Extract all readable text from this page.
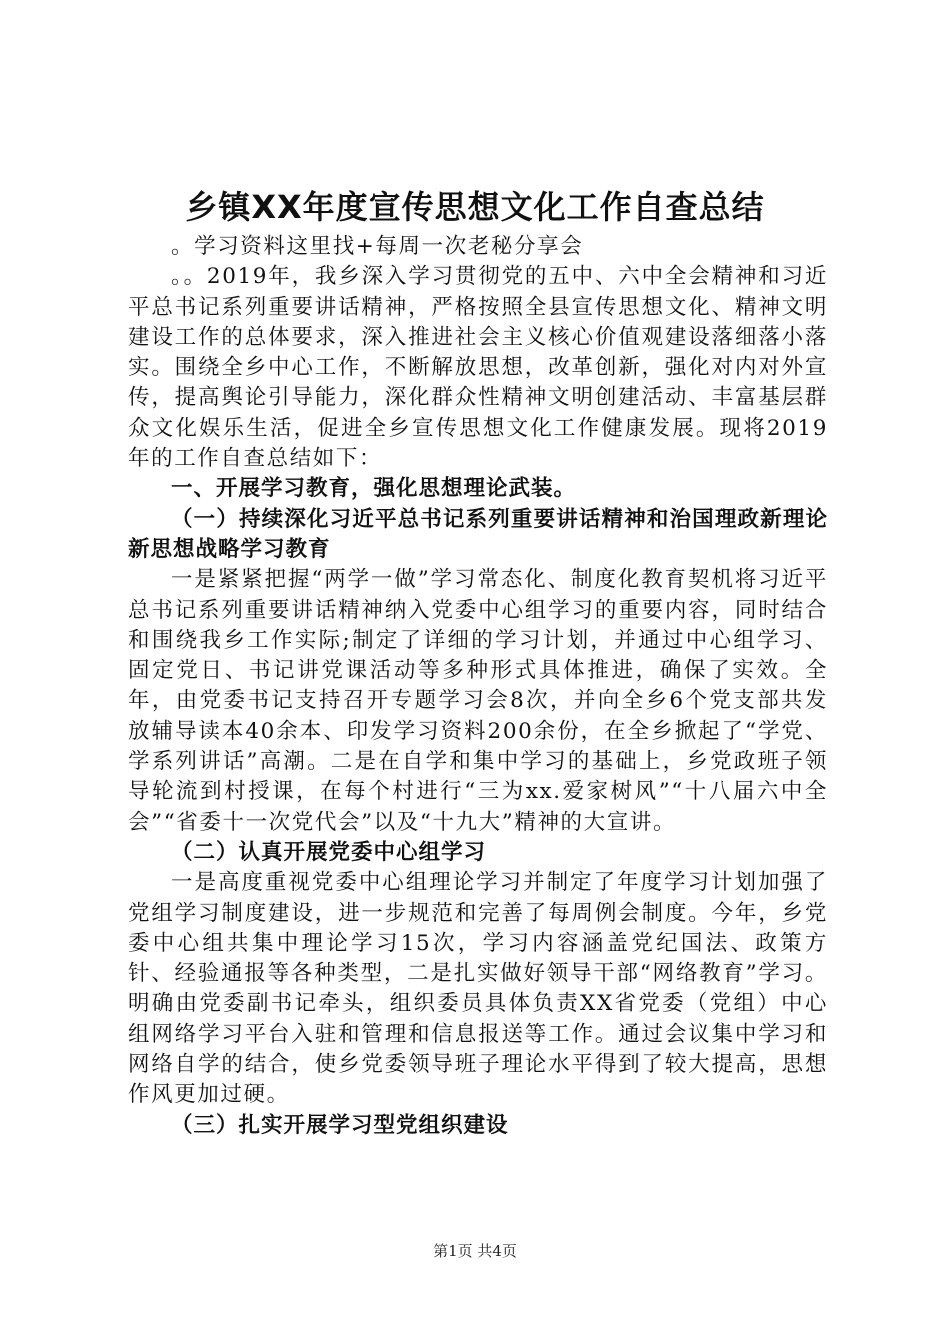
乡镇XX年度宣传思想文化工作自查总结

。学习资料这里找+每周一次老秘分享会

。。2019年，我乡深入学习贯彻党的五中、六中全会精神和习近平总书记系列重要讲话精神，严格按照全县宣传思想文化、精神文明建设工作的总体要求，深入推进社会主义核心价值观建设落细落小落实。围绕全乡中心工作，不断解放思想，改革创新，强化对内对外宣传，提高舆论引导能力，深化群众性精神文明创建活动、丰富基层群众文化娱乐生活，促进全乡宣传思想文化工作健康发展。现将2019年的工作自查总结如下：

一、开展学习教育，强化思想理论武装。

（一）持续深化习近平总书记系列重要讲话精神和治国理政新理论新思想战略学习教育

一是紧紧把握“两学一做”学习常态化、制度化教育契机将习近平总书记系列重要讲话精神纳入党委中心组学习的重要内容，同时结合和围绕我乡工作实际;制定了详细的学习计划，并通过中心组学习、固定党日、书记讲党课活动等多种形式具体推进，确保了实效。全年，由党委书记支持召开专题学习会8次，并向全乡6个党支部共发放辅导读本40余本、印发学习资料200余份，在全乡掀起了“学党、学系列讲话”高潮。二是在自学和集中学习的基础上，乡党政班子领导轮流到村授课，在每个村进行“三为xx.爱家树风”“十八届六中全会”“省委十一次党代会”以及“十九大”精神的大宣讲。

（二）认真开展党委中心组学习

一是高度重视党委中心组理论学习并制定了年度学习计划加强了党组学习制度建设，进一步规范和完善了每周例会制度。今年，乡党委中心组共集中理论学习15次，学习内容涵盖党纪国法、政策方针、经验通报等各种类型，二是扎实做好领导干部“网络教育”学习。明确由党委副书记牵头，组织委员具体负责XX省党委（党组）中心组网络学习平台入驻和管理和信息报送等工作。通过会议集中学习和网络自学的结合，使乡党委领导班子理论水平得到了较大提高，思想作风更加过硬。

（三）扎实开展学习型党组织建设

第1页 共4页
